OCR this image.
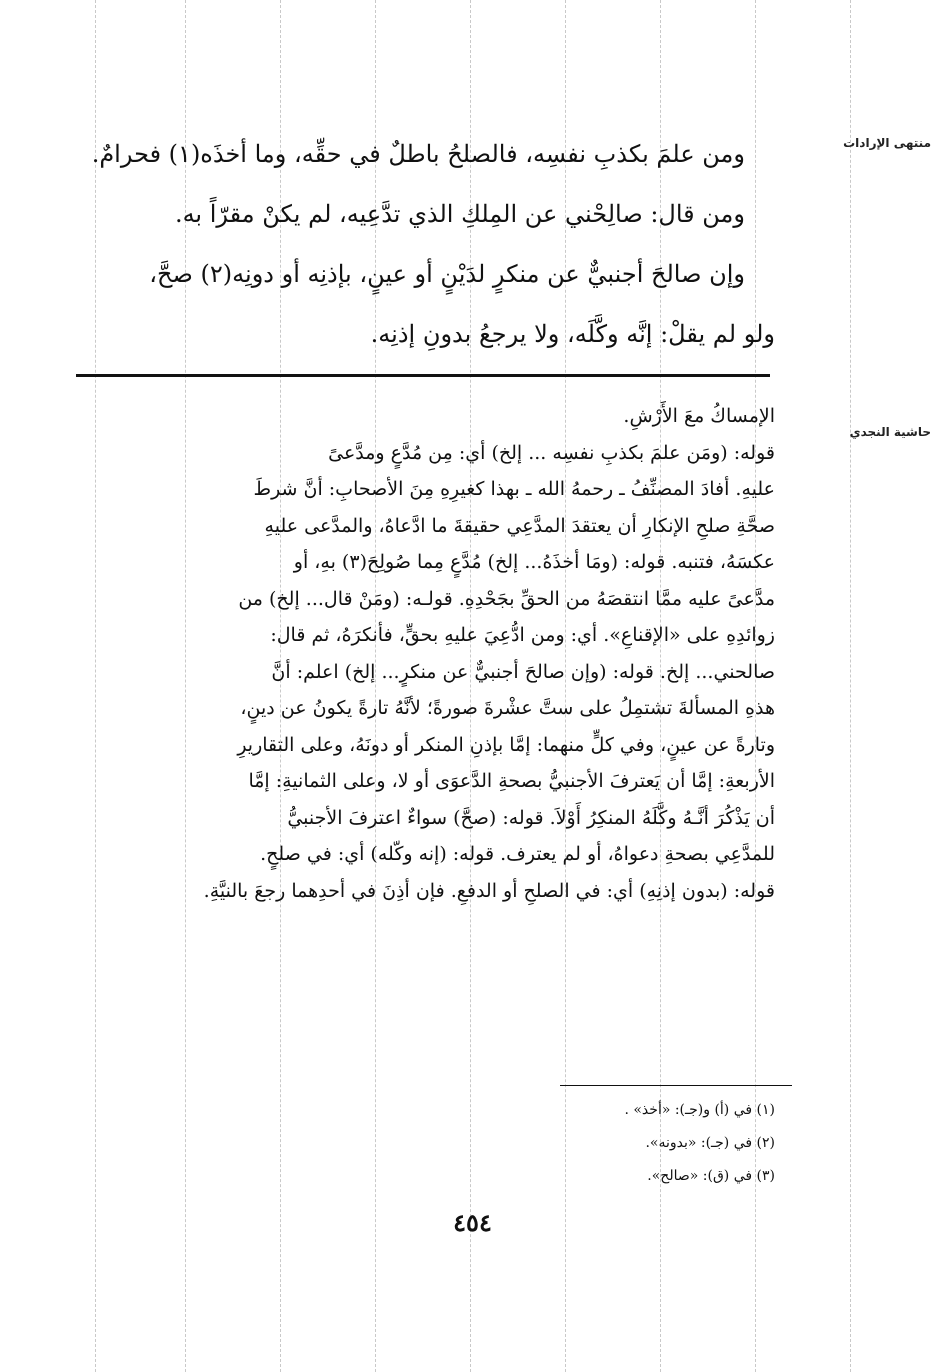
منتهى الإرادات
حاشية النجدي
ومن علمَ بكذبِ نفسِه، فالصلحُ باطلٌ في حقِّه، وما أخذَه(١) فحرامٌ.
ومن قال: صالِحْني عن المِلكِ الذي تدَّعِيه، لم يكنْ مقرّاً به.
وإن صالحَ أجنبيٌّ عن منكرٍ لدَيْنٍ أو عينٍ، بإذنِه أو دونِه(٢) صحَّ،
ولو لم يقلْ: إنَّه وكَّلَه، ولا يرجعُ بدونِ إذنِه.
الإمساكُ معَ الأَرْشِ.
قوله: (ومَن علمَ بكذبِ نفسِه ... إلخ) أي: مِن مُدَّعٍ ومدَّعىً
عليهِ. أفادَ المصنِّفُ ـ رحمهُ الله ـ بهذا كغيرِهِ مِنَ الأصحابِ: أنَّ شرطَ
صحَّةِ صلحِ الإنكارِ أن يعتقدَ المدَّعِي حقيقةَ ما ادَّعاهُ، والمدَّعى عليهِ
عكسَهُ، فتنبه. قوله: (ومَا أخذَهُ... إلخ) مُدَّعٍ مِما صُولِحَ(٣) بهِ، أو
مدَّعىً عليه ممَّا انتقصَهُ من الحقِّ بجَحْدِهِ. قولـه: (ومَنْ قال... إلخ) من
زوائدِهِ على «الإقناعِ». أي: ومن ادُّعِيَ عليهِ بحقٍّ، فأنكرَهُ، ثم قال:
صالحني... إلخ. قوله: (وإن صالحَ أجنبيٌّ عن منكرٍ... إلخ) اعلم: أنَّ
هذهِ المسألةَ تشتمِلُ على ستَّ عشْرةَ صورةً؛ لأنَّهُ تارةً يكونُ عن دينٍ،
وتارةً عن عينٍ، وفي كلٍّ منهما: إمَّا بإذنِ المنكر أو دونَهُ، وعلى التقاريرِ
الأربعةِ: إمَّا أن يَعترفَ الأجنبيُّ بصحةِ الدَّعوَى أو لا، وعلى الثمانيةِ: إمَّا
أن يَذْكُرَ أنَّـهُ وكَّلَهُ المنكِرُ أَوْلاَ. قوله: (صحَّ) سواءٌ اعترفَ الأجنبيُّ
للمدَّعِي بصحةِ دعواهُ، أو لم يعترف. قوله: (إنه وكّله) أي: في صلحٍ.
قوله: (بدون إذنِهِ) أي: في الصلحِ أو الدفعِ. فإن أذِنَ في أحدِهما رجعَ بالنيَّةِ.
(١) في (أ) و(جـ): «أخذ» .
(٢) في (جـ): «بدونه».
(٣) في (ق): «صالح».
٤٥٤
